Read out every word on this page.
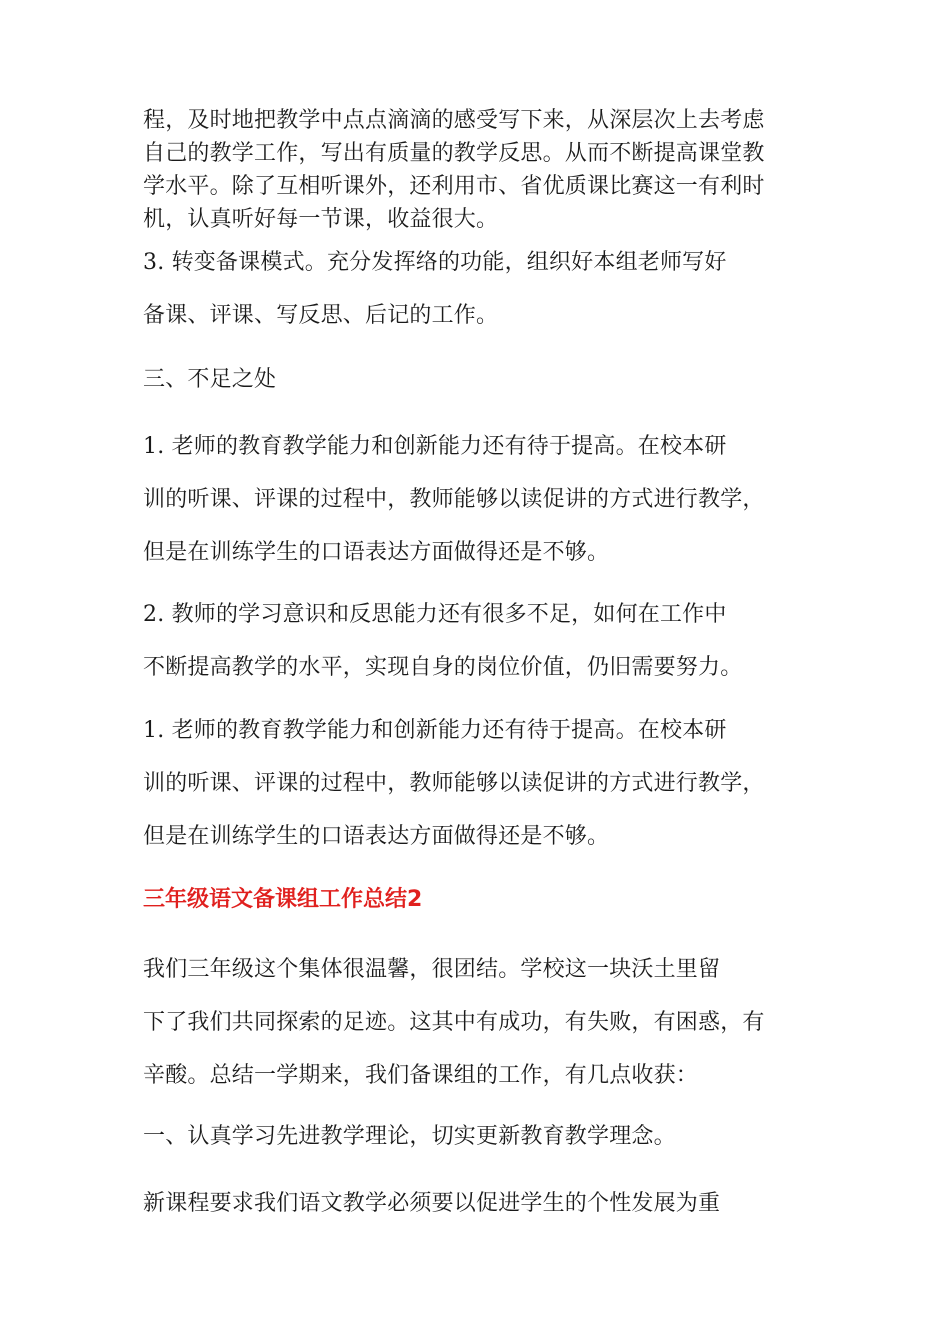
程，及时地把教学中点点滴滴的感受写下来，从深层次上去考虑
自己的教学工作，写出有质量的教学反思。从而不断提高课堂教
学水平。除了互相听课外，还利用市、省优质课比赛这一有利时
机，认真听好每一节课，收益很大。

3. 转变备课模式。充分发挥络的功能，组织好本组老师写好
备课、评课、写反思、后记的工作。

三、不足之处

1. 老师的教育教学能力和创新能力还有待于提高。在校本研
训的听课、评课的过程中，教师能够以读促讲的方式进行教学，
但是在训练学生的口语表达方面做得还是不够。

2. 教师的学习意识和反思能力还有很多不足，如何在工作中
不断提高教学的水平，实现自身的岗位价值，仍旧需要努力。

1. 老师的教育教学能力和创新能力还有待于提高。在校本研
训的听课、评课的过程中，教师能够以读促讲的方式进行教学，
但是在训练学生的口语表达方面做得还是不够。

三年级语文备课组工作总结2

我们三年级这个集体很温馨，很团结。学校这一块沃土里留
下了我们共同探索的足迹。这其中有成功，有失败，有困惑，有
辛酸。总结一学期来，我们备课组的工作，有几点收获：

一、认真学习先进教学理论，切实更新教育教学理念。

新课程要求我们语文教学必须要以促进学生的个性发展为重
